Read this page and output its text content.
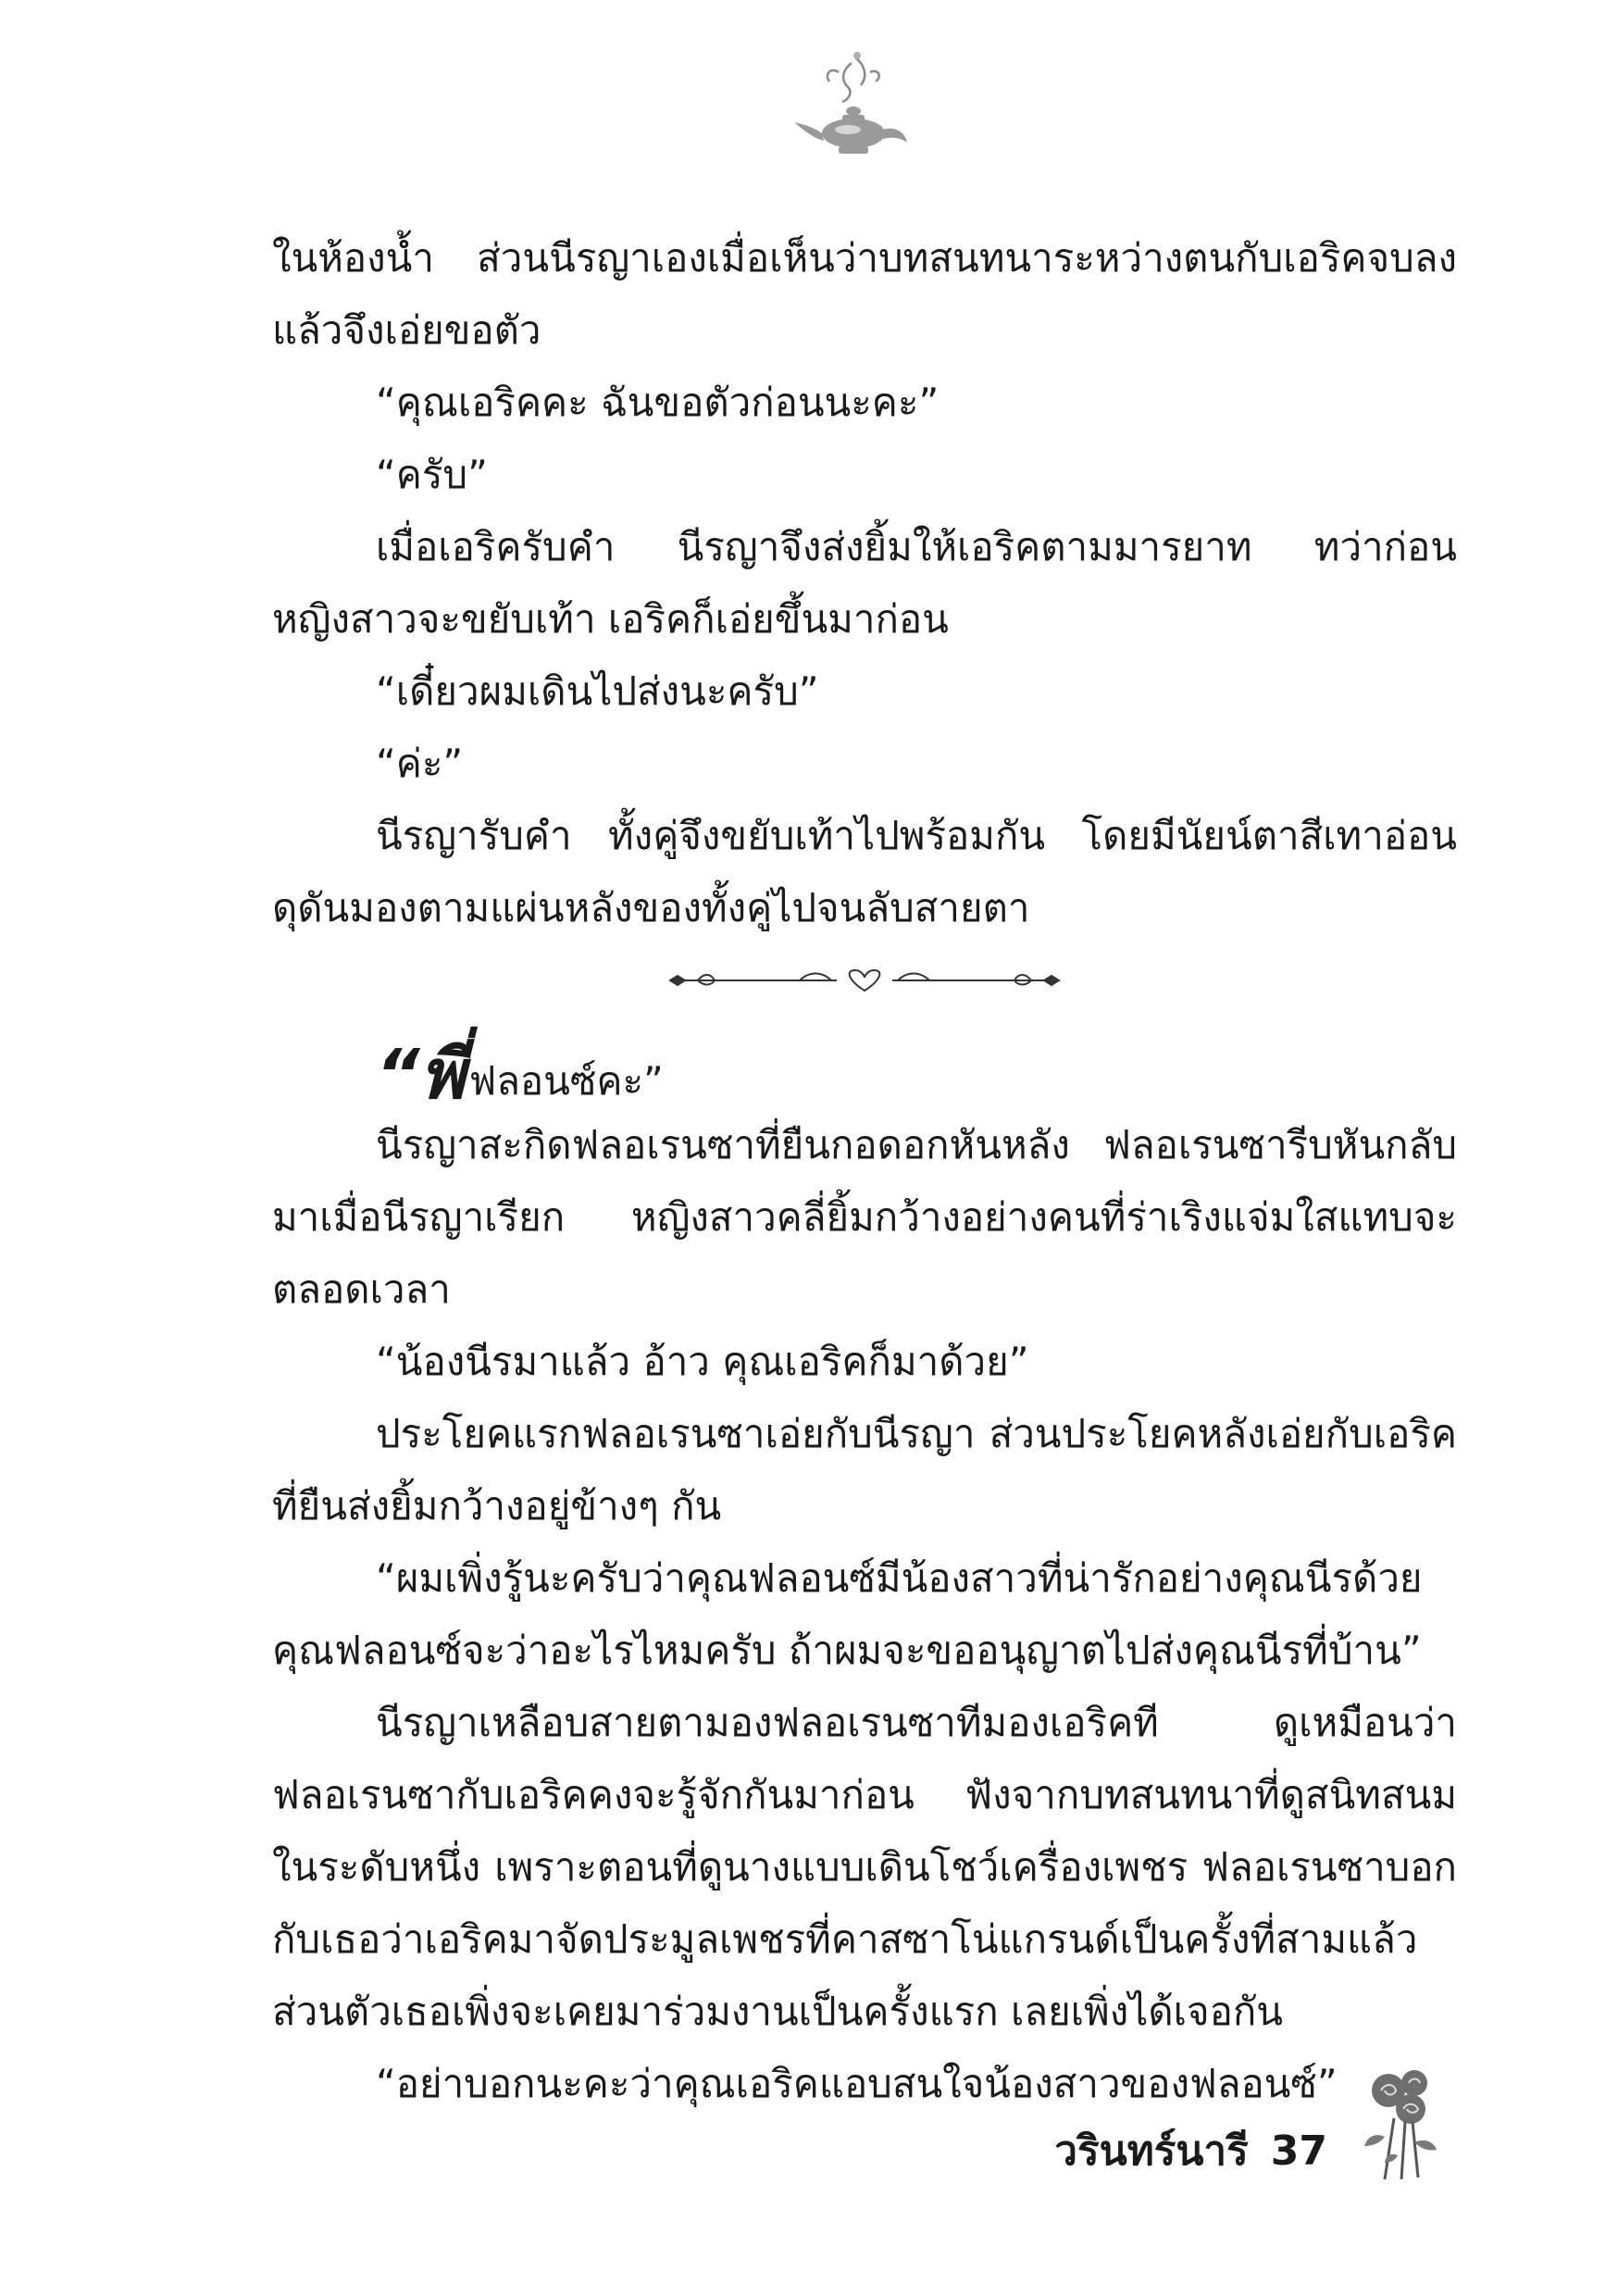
ในห้องน้ำ ส่วนนีรญาเองเมื่อเห็นว่าบทสนทนาระหว่างตนกับเอริคจบลง
แล้วจึงเอ่ยขอตัว

“คุณเอริคคะ ฉันขอตัวก่อนนะคะ”

“ครับ”

เมื่อเอริครับคำ นีรญาจึงส่งยิ้มให้เอริคตามมารยาท ทว่าก่อน
หญิงสาวจะขยับเท้า เอริคก็เอ่ยขึ้นมาก่อน

“เดี๋ยวผมเดินไปส่งนะครับ”

“ค่ะ”

นีรญารับคำ ทั้งคู่จึงขยับเท้าไปพร้อมกัน โดยมีนัยน์ตาสีเทาอ่อน
ดุดันมองตามแผ่นหลังของทั้งคู่ไปจนลับสายตา

“พี่ ฟลอนซ์คะ”

นีรญาสะกิดฟลอเรนซาที่ยืนกอดอกหันหลัง ฟลอเรนซารีบหันกลับ
มาเมื่อนีรญาเรียก หญิงสาวคลี่ยิ้มกว้างอย่างคนที่ร่าเริงแจ่มใสแทบจะ
ตลอดเวลา

“น้องนีรมาแล้ว อ้าว คุณเอริคก็มาด้วย”

ประโยคแรกฟลอเรนซาเอ่ยกับนีรญา ส่วนประโยคหลังเอ่ยกับเอริค
ที่ยืนส่งยิ้มกว้างอยู่ข้างๆ กัน

“ผมเพิ่งรู้นะครับว่าคุณฟลอนซ์มีน้องสาวที่น่ารักอย่างคุณนีรด้วย
คุณฟลอนซ์จะว่าอะไรไหมครับ ถ้าผมจะขออนุญาตไปส่งคุณนีรที่บ้าน”

นีรญาเหลือบสายตามองฟลอเรนซาทีมองเอริคที ดูเหมือนว่า
ฟลอเรนซากับเอริคคงจะรู้จักกันมาก่อน ฟังจากบทสนทนาที่ดูสนิทสนม
ในระดับหนึ่ง เพราะตอนที่ดูนางแบบเดินโชว์เครื่องเพชร ฟลอเรนซาบอก
กับเธอว่าเอริคมาจัดประมูลเพชรที่คาสซาโน่แกรนด์เป็นครั้งที่สามแล้ว
ส่วนตัวเธอเพิ่งจะเคยมาร่วมงานเป็นครั้งแรก เลยเพิ่งได้เจอกัน

“อย่าบอกนะคะว่าคุณเอริคแอบสนใจน้องสาวของฟลอนซ์”

วรินทร์นารี 37
